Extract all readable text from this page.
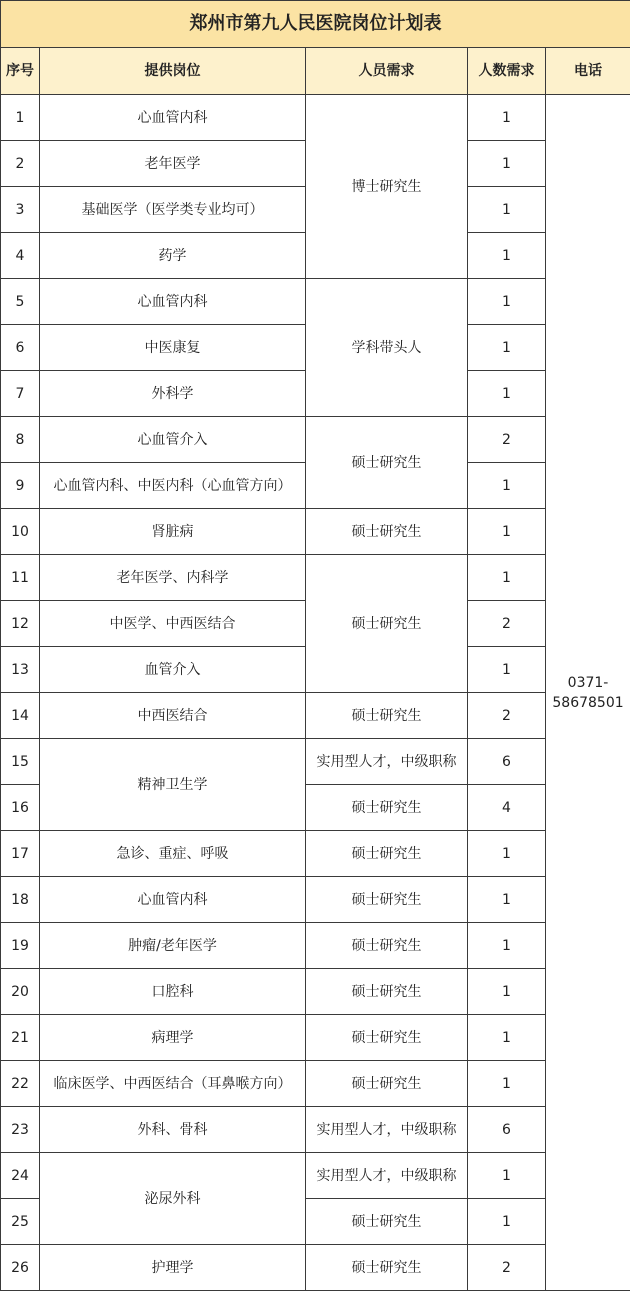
郑州市第九人民医院岗位计划表				
序号	提供岗位	人员需求	人数需求	电话
1	心血管内科	博士研究生	1	0371-
58678501
2	老年医学		1	
3	基础医学（医学类专业均可）		1	
4	药学		1	
5	心血管内科	学科带头人	1	
6	中医康复		1	
7	外科学		1	
8	心血管介入	硕士研究生	2	
9	心血管内科、中医内科（心血管方向）		1	
10	肾脏病	硕士研究生	1	
11	老年医学、内科学	硕士研究生	1	
12	中医学、中西医结合		2	
13	血管介入		1	
14	中西医结合	硕士研究生	2	
15	精神卫生学	实用型人才，中级职称	6	
16		硕士研究生	4	
17	急诊、重症、呼吸	硕士研究生	1	
18	心血管内科	硕士研究生	1	
19	肿瘤/老年医学	硕士研究生	1	
20	口腔科	硕士研究生	1	
21	病理学	硕士研究生	1	
22	临床医学、中西医结合（耳鼻喉方向）	硕士研究生	1	
23	外科、骨科	实用型人才，中级职称	6	
24	泌尿外科	实用型人才，中级职称	1	
25		硕士研究生	1	
26	护理学	硕士研究生	2	
